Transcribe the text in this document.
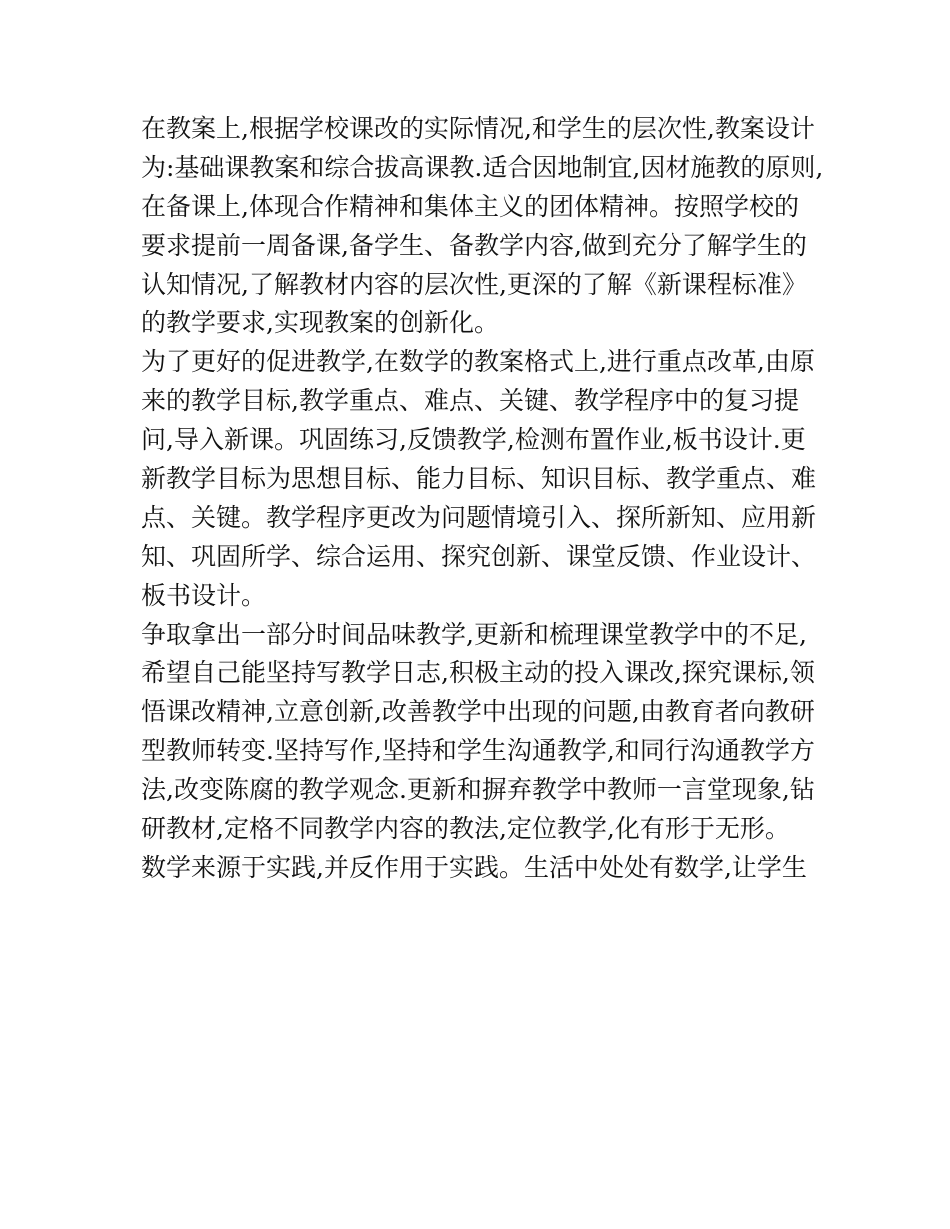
在教案上,根据学校课改的实际情况,和学生的层次性,教案设计
为:基础课教案和综合拔高课教.适合因地制宜,因材施教的原则,
在备课上,体现合作精神和集体主义的团体精神。按照学校的
要求提前一周备课,备学生、备教学内容,做到充分了解学生的
认知情况,了解教材内容的层次性,更深的了解《新课程标准》
的教学要求,实现教案的创新化。
为了更好的促进教学,在数学的教案格式上,进行重点改革,由原
来的教学目标,教学重点、难点、关键、教学程序中的复习提
问,导入新课。巩固练习,反馈教学,检测布置作业,板书设计.更
新教学目标为思想目标、能力目标、知识目标、教学重点、难
点、关键。教学程序更改为问题情境引入、探所新知、应用新
知、巩固所学、综合运用、探究创新、课堂反馈、作业设计、
板书设计。
争取拿出一部分时间品味教学,更新和梳理课堂教学中的不足,
希望自己能坚持写教学日志,积极主动的投入课改,探究课标,领
悟课改精神,立意创新,改善教学中出现的问题,由教育者向教研
型教师转变.坚持写作,坚持和学生沟通教学,和同行沟通教学方
法,改变陈腐的教学观念.更新和摒弃教学中教师一言堂现象,钻
研教材,定格不同教学内容的教法,定位教学,化有形于无形。
数学来源于实践,并反作用于实践。生活中处处有数学,让学生
